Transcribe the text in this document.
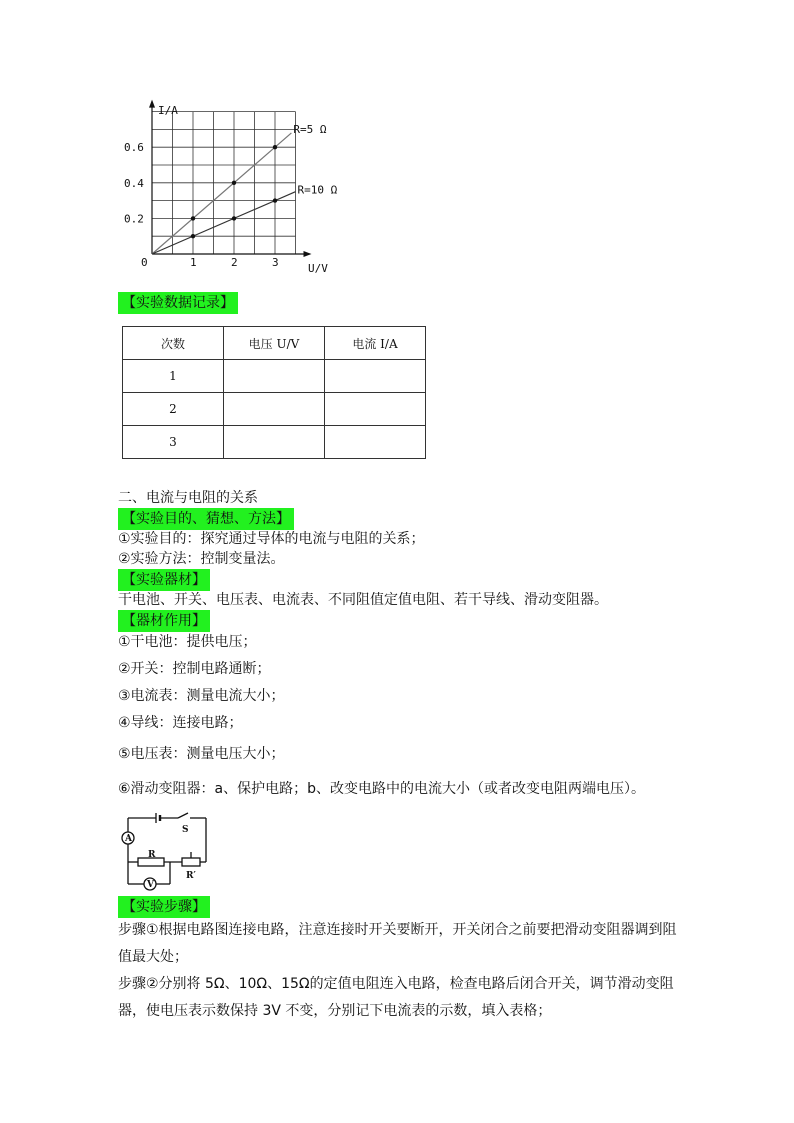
I/A
U/V
0	1	2	3
0.2
0.4
0.6
R=5 Ω
R=10 Ω
【实验数据记录】
次数	电压 U/V	电流 I/A
1		
2		
3		
二、电流与电阻的关系
【实验目的、猜想、方法】
①实验目的：探究通过导体的电流与电阻的关系；
②实验方法：控制变量法。
【实验器材】
干电池、开关、电压表、电流表、不同阻值定值电阻、若干导线、滑动变阻器。
【器材作用】
①干电池：提供电压；
②开关：控制电路通断；
③电流表：测量电流大小；
④导线：连接电路；
⑤电压表：测量电压大小；
⑥滑动变阻器：a、保护电路；b、改变电路中的电流大小（或者改变电阻两端电压）。
A
V
S
R
R′
【实验步骤】
步骤①根据电路图连接电路，注意连接时开关要断开，开关闭合之前要把滑动变阻器调到阻
值最大处；
步骤②分别将 5Ω、10Ω、15Ω的定值电阻连入电路，检查电路后闭合开关，调节滑动变阻
器，使电压表示数保持 3V 不变，分别记下电流表的示数，填入表格；
